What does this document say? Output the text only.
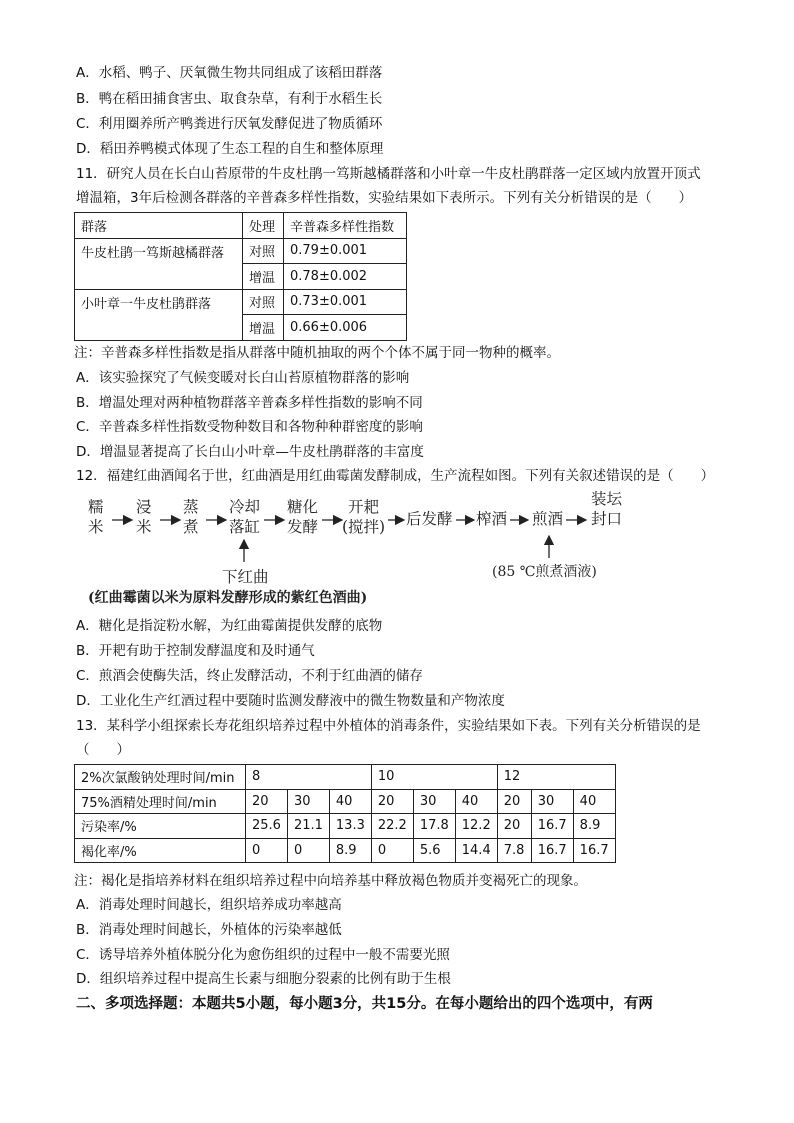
A．水稻、鸭子、厌氧微生物共同组成了该稻田群落
B．鸭在稻田捕食害虫、取食杂草，有利于水稻生长
C．利用圈养所产鸭粪进行厌氧发酵促进了物质循环
D．稻田养鸭模式体现了生态工程的自生和整体原理
11．研究人员在长白山苔原带的牛皮杜鹃一笃斯越橘群落和小叶章一牛皮杜鹃群落一定区域内放置开顶式
增温箱，3年后检测各群落的辛普森多样性指数，实验结果如下表所示。下列有关分析错误的是（　　）
群落	处理	辛普森多样性指数
牛皮杜鹃一笃斯越橘群落	对照	0.79±0.001
	增温	0.78±0.002
小叶章一牛皮杜鹃群落	对照	0.73±0.001
	增温	0.66±0.006
注：辛普森多样性指数是指从群落中随机抽取的两个个体不属于同一物种的概率。
A．该实验探究了气候变暖对长白山苔原植物群落的影响
B．增温处理对两种植物群落辛普森多样性指数的影响不同
C．辛普森多样性指数受物种数目和各物种种群密度的影响
D．增温显著提高了长白山小叶章—牛皮杜鹃群落的丰富度
12．福建红曲酒闻名于世，红曲酒是用红曲霉菌发酵制成，生产流程如图。下列有关叙述错误的是（　　）
糯
米
浸
米
蒸
煮
冷却
落缸
糖化
发酵
开耙
(搅拌) 后发酵 榨酒 煎酒
装坛
封口
下红曲
(红曲霉菌以米为原料发酵形成的紫红色酒曲)
(85 ℃煎煮酒液)
A．糖化是指淀粉水解，为红曲霉菌提供发酵的底物
B．开耙有助于控制发酵温度和及时通气
C．煎酒会使酶失活，终止发酵活动，不利于红曲酒的储存
D．工业化生产红酒过程中要随时监测发酵液中的微生物数量和产物浓度
13．某科学小组探索长寿花组织培养过程中外植体的消毒条件，实验结果如下表。下列有关分析错误的是
（　　）
2%次氯酸钠处理时间/min	8			10			12		
75%酒精处理时间/min	20	30	40	20	30	40	20	30	40
污染率/%	25.6	21.1	13.3	22.2	17.8	12.2	20	16.7	8.9
褐化率/%	0	0	8.9	0	5.6	14.4	7.8	16.7	16.7
注：褐化是指培养材料在组织培养过程中向培养基中释放褐色物质并变褐死亡的现象。
A．消毒处理时间越长，组织培养成功率越高
B．消毒处理时间越长，外植体的污染率越低
C．诱导培养外植体脱分化为愈伤组织的过程中一般不需要光照
D．组织培养过程中提高生长素与细胞分裂素的比例有助于生根
二、多项选择题：本题共5小题，每小题3分，共15分。在每小题给出的四个选项中，有两
